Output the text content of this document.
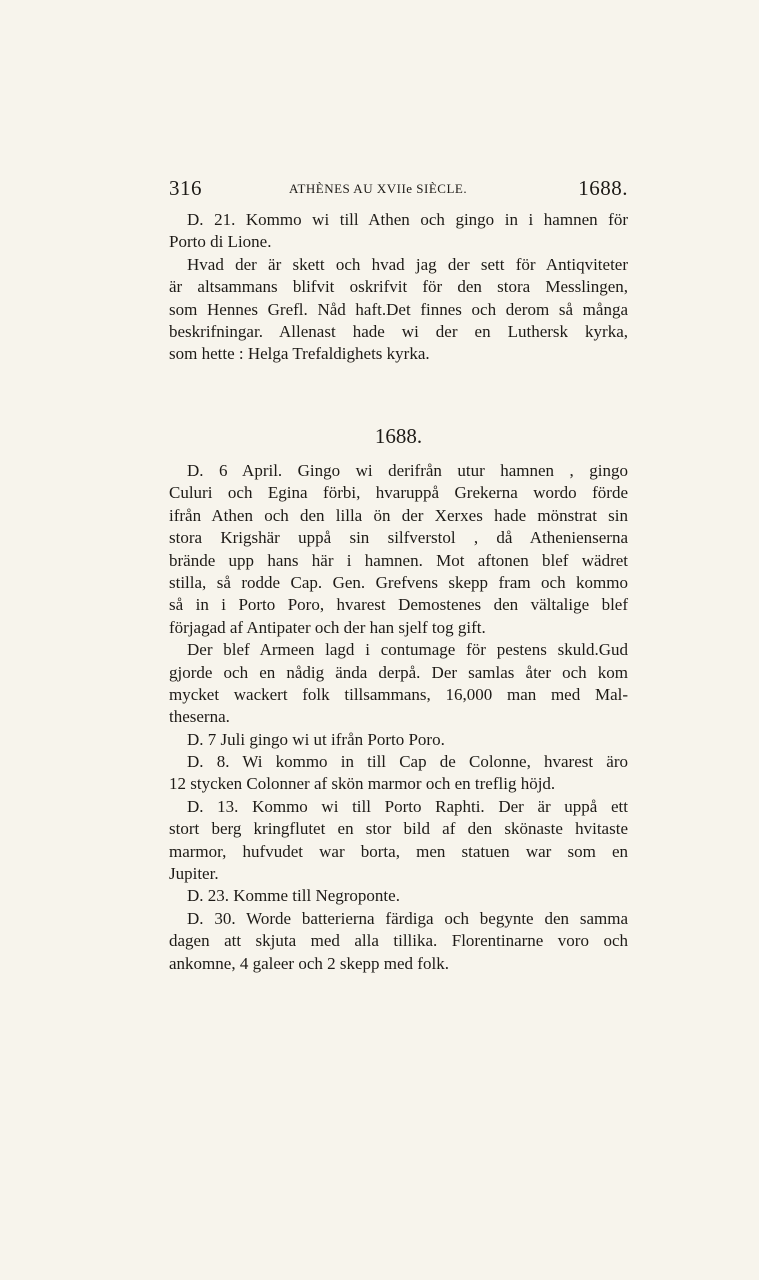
316	ATHÈNES AU XVIIe SIÈCLE.	1688.
D. 21. Kommo wi till Athen och gingo in i hamnen för
Porto di Lione.
Hvad der är skett och hvad jag der sett för Antiqviteter
är altsammans blifvit oskrifvit för den stora Messlingen,
som Hennes Grefl. Nåd haft.Det finnes och derom så många
beskrifningar. Allenast hade wi der en Luthersk kyrka,
som hette : Helga Trefaldighets kyrka.
1688.
D. 6 April. Gingo wi derifrån utur hamnen , gingo
Culuri och Egina förbi, hvaruppå Grekerna wordo förde
ifrån Athen och den lilla ön der Xerxes hade mönstrat sin
stora Krigshär uppå sin silfverstol , då Athenienserna
brände upp hans här i hamnen. Mot aftonen blef wädret
stilla, så rodde Cap. Gen. Grefvens skepp fram och kommo
så in i Porto Poro, hvarest Demostenes den vältalige blef
förjagad af Antipater och der han sjelf tog gift.
Der blef Armeen lagd i contumage för pestens skuld.Gud
gjorde och en nådig ända derpå. Der samlas åter och kom
mycket wackert folk tillsammans, 16,000 man med Mal-
theserna.
D. 7 Juli gingo wi ut ifrån Porto Poro.
D. 8. Wi kommo in till Cap de Colonne, hvarest äro
12 stycken Colonner af skön marmor och en treflig höjd.
D. 13. Kommo wi till Porto Raphti. Der är uppå ett
stort berg kringflutet en stor bild af den skönaste hvitaste
marmor, hufvudet war borta, men statuen war som en
Jupiter.
D. 23. Komme till Negroponte.
D. 30. Worde batterierna färdiga och begynte den samma
dagen att skjuta med alla tillika. Florentinarne voro och
ankomne, 4 galeer och 2 skepp med folk.
